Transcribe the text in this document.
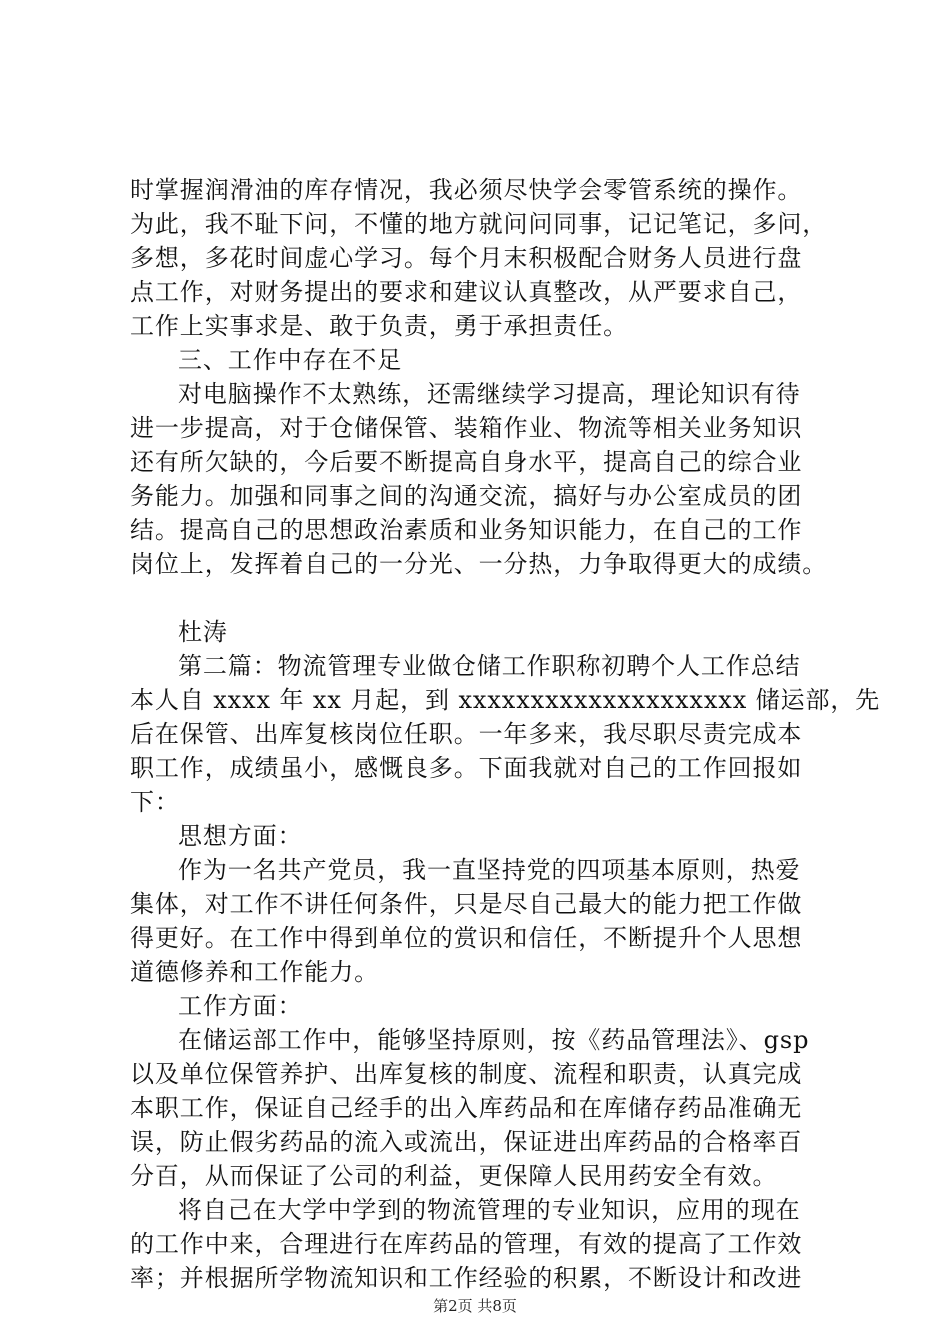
时掌握润滑油的库存情况，我必须尽快学会零管系统的操作。
为此，我不耻下问，不懂的地方就问问同事，记记笔记，多问，
多想，多花时间虚心学习。每个月末积极配合财务人员进行盘
点工作，对财务提出的要求和建议认真整改，从严要求自己，
工作上实事求是、敢于负责，勇于承担责任。
三、工作中存在不足
对电脑操作不太熟练，还需继续学习提高，理论知识有待
进一步提高，对于仓储保管、装箱作业、物流等相关业务知识
还有所欠缺的，今后要不断提高自身水平，提高自己的综合业
务能力。加强和同事之间的沟通交流，搞好与办公室成员的团
结。提高自己的思想政治素质和业务知识能力，在自己的工作
岗位上，发挥着自己的一分光、一分热，力争取得更大的成绩。
杜涛
第二篇：物流管理专业做仓储工作职称初聘个人工作总结
本人自 xxxx 年 xx 月起，到 xxxxxxxxxxxxxxxxxxxx 储运部，先
后在保管、出库复核岗位任职。一年多来，我尽职尽责完成本
职工作，成绩虽小，感慨良多。下面我就对自己的工作回报如
下：
思想方面：
作为一名共产党员，我一直坚持党的四项基本原则，热爱
集体，对工作不讲任何条件，只是尽自己最大的能力把工作做
得更好。在工作中得到单位的赏识和信任，不断提升个人思想
道德修养和工作能力。
工作方面：
在储运部工作中，能够坚持原则，按《药品管理法》、gsp
以及单位保管养护、出库复核的制度、流程和职责，认真完成
本职工作，保证自己经手的出入库药品和在库储存药品准确无
误，防止假劣药品的流入或流出，保证进出库药品的合格率百
分百，从而保证了公司的利益，更保障人民用药安全有效。
将自己在大学中学到的物流管理的专业知识，应用的现在
的工作中来，合理进行在库药品的管理，有效的提高了工作效
率；并根据所学物流知识和工作经验的积累，不断设计和改进
第2页 共8页
